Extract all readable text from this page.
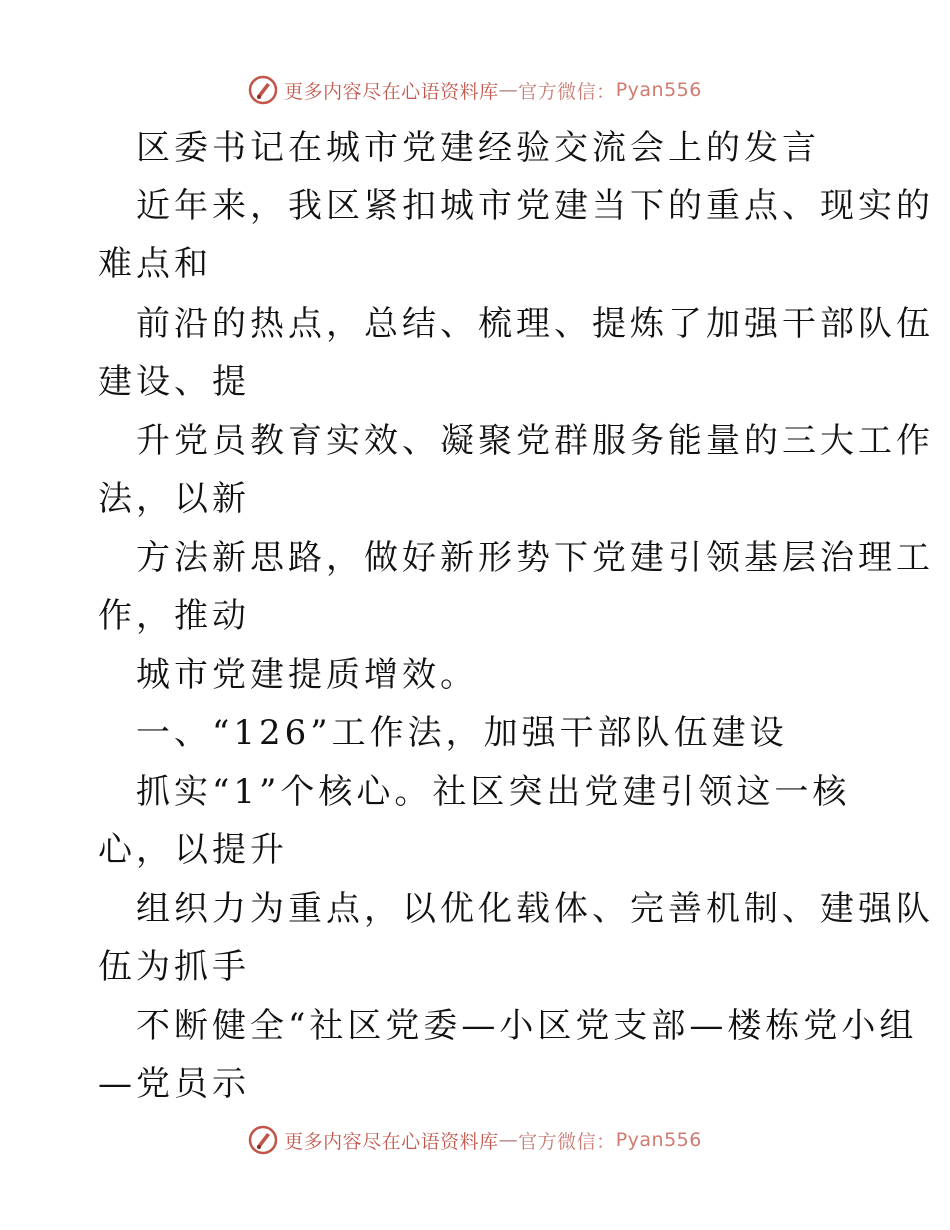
更多内容尽在心语资料库 — 官方微信： Pyan556
区委书记在城市党建经验交流会上的发言
近年来，我区紧扣城市党建当下的重点、现实的
难点和
前沿的热点，总结、梳理、提炼了加强干部队伍
建设、提
升党员教育实效、凝聚党群服务能量的三大工作
法，以新
方法新思路，做好新形势下党建引领基层治理工
作，推动
城市党建提质增效。
一、“126”工作法，加强干部队伍建设
抓实“1”个核心。社区突出党建引领这一核
心，以提升
组织力为重点，以优化载体、完善机制、建强队
伍为抓手
不断健全“社区党委—小区党支部—楼栋党小组
—党员示
更多内容尽在心语资料库 — 官方微信： Pyan556
